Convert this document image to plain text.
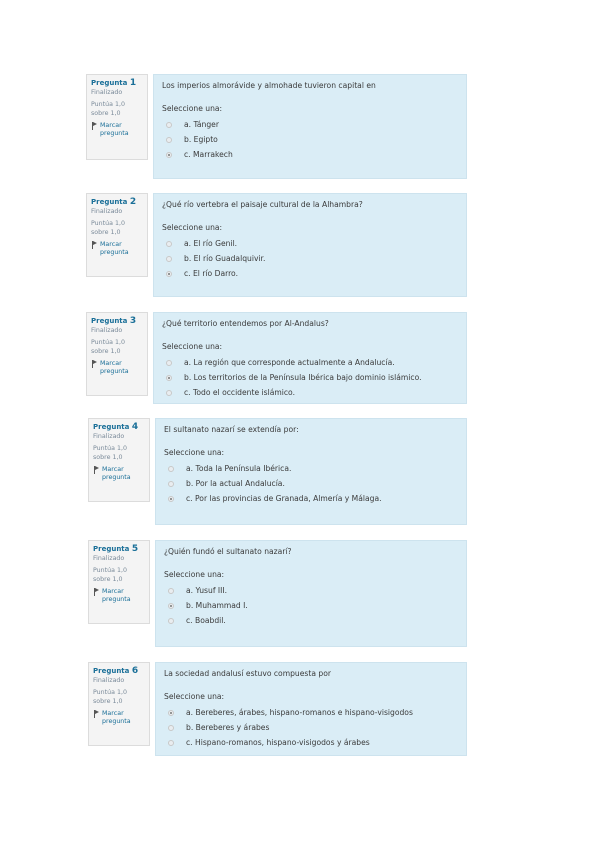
Pregunta 1
Finalizado
Puntúa 1,0 sobre 1,0
Marcar pregunta
Los imperios almorávide y almohade tuvieron capital en
Seleccione una:
a. Tánger
b. Egipto
c. Marrakech
Pregunta 2
Finalizado
Puntúa 1,0 sobre 1,0
Marcar pregunta
¿Qué río vertebra el paisaje cultural de la Alhambra?
Seleccione una:
a. El río Genil.
b. El río Guadalquivir.
c. El río Darro.
Pregunta 3
Finalizado
Puntúa 1,0 sobre 1,0
Marcar pregunta
¿Qué territorio entendemos por Al-Andalus?
Seleccione una:
a. La región que corresponde actualmente a Andalucía.
b. Los territorios de la Península Ibérica bajo dominio islámico.
c. Todo el occidente islámico.
Pregunta 4
Finalizado
Puntúa 1,0 sobre 1,0
Marcar pregunta
El sultanato nazarí se extendía por:
Seleccione una:
a. Toda la Península Ibérica.
b. Por la actual Andalucía.
c. Por las provincias de Granada, Almería y Málaga.
Pregunta 5
Finalizado
Puntúa 1,0 sobre 1,0
Marcar pregunta
¿Quién fundó el sultanato nazarí?
Seleccione una:
a. Yusuf III.
b. Muhammad I.
c. Boabdil.
Pregunta 6
Finalizado
Puntúa 1,0 sobre 1,0
Marcar pregunta
La sociedad andalusí estuvo compuesta por
Seleccione una:
a. Bereberes, árabes, hispano-romanos e hispano-visigodos
b. Bereberes y árabes
c. Hispano-romanos, hispano-visigodos y árabes
